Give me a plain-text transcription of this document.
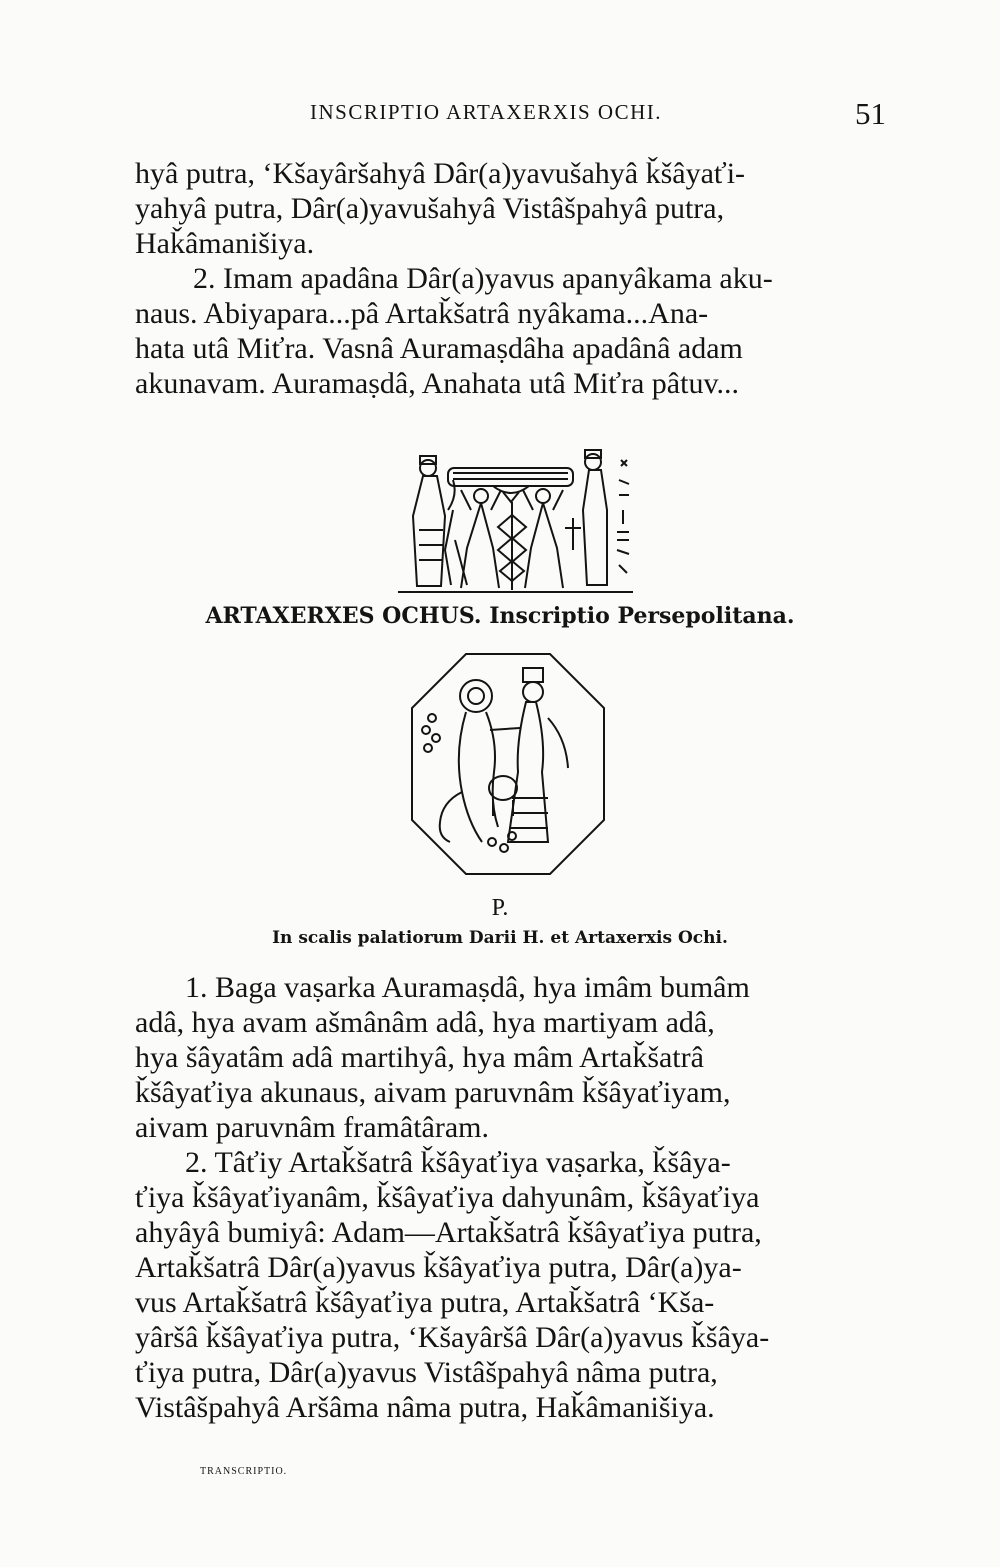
INSCRIPTIO ARTAXERXIS OCHI.	51
hyâ putra, ‘Kšayâršahyâ Dâr(a)yavušahyâ ǩšâyaťi-
yahyâ putra, Dâr(a)yavušahyâ Vistâšpahyâ putra,
Haǩâmanišiya.
2. Imam apadâna Dâr(a)yavus apanyâkama aku-
naus. Abiyapara...pâ Artaǩšatrâ nyâkama...Ana-
hata utâ Miťra. Vasnâ Auramaṣdâha apadânâ adam
akunavam. Auramaṣdâ, Anahata utâ Miťra pâtuv...
ARTAXERXES OCHUS. Inscriptio Persepolitana.
P.
In scalis palatiorum Darii H. et Artaxerxis Ochi.
1. Baga vaṣarka Auramaṣdâ, hya imâm bumâm
adâ, hya avam ašmânâm adâ, hya martiyam adâ,
hya šâyatâm adâ martihyâ, hya mâm Artaǩšatrâ
ǩšâyaťiya akunaus, aivam paruvnâm ǩšâyaťiyam,
aivam paruvnâm framâtâram.
2. Tâťiy Artaǩšatrâ ǩšâyaťiya vaṣarka, ǩšâya-
ťiya ǩšâyaťiyanâm, ǩšâyaťiya dahyunâm, ǩšâyaťiya
ahyâyâ bumiyâ: Adam—Artaǩšatrâ ǩšâyaťiya putra,
Artaǩšatrâ Dâr(a)yavus ǩšâyaťiya putra, Dâr(a)ya-
vus Artaǩšatrâ ǩšâyaťiya putra, Artaǩšatrâ ‘Kša-
yâršâ ǩšâyaťiya putra, ‘Kšayâršâ Dâr(a)yavus ǩšâya-
ťiya putra, Dâr(a)yavus Vistâšpahyâ nâma putra,
Vistâšpahyâ Aršâma nâma putra, Haǩâmanišiya.
TRANSCRIPTIO.
